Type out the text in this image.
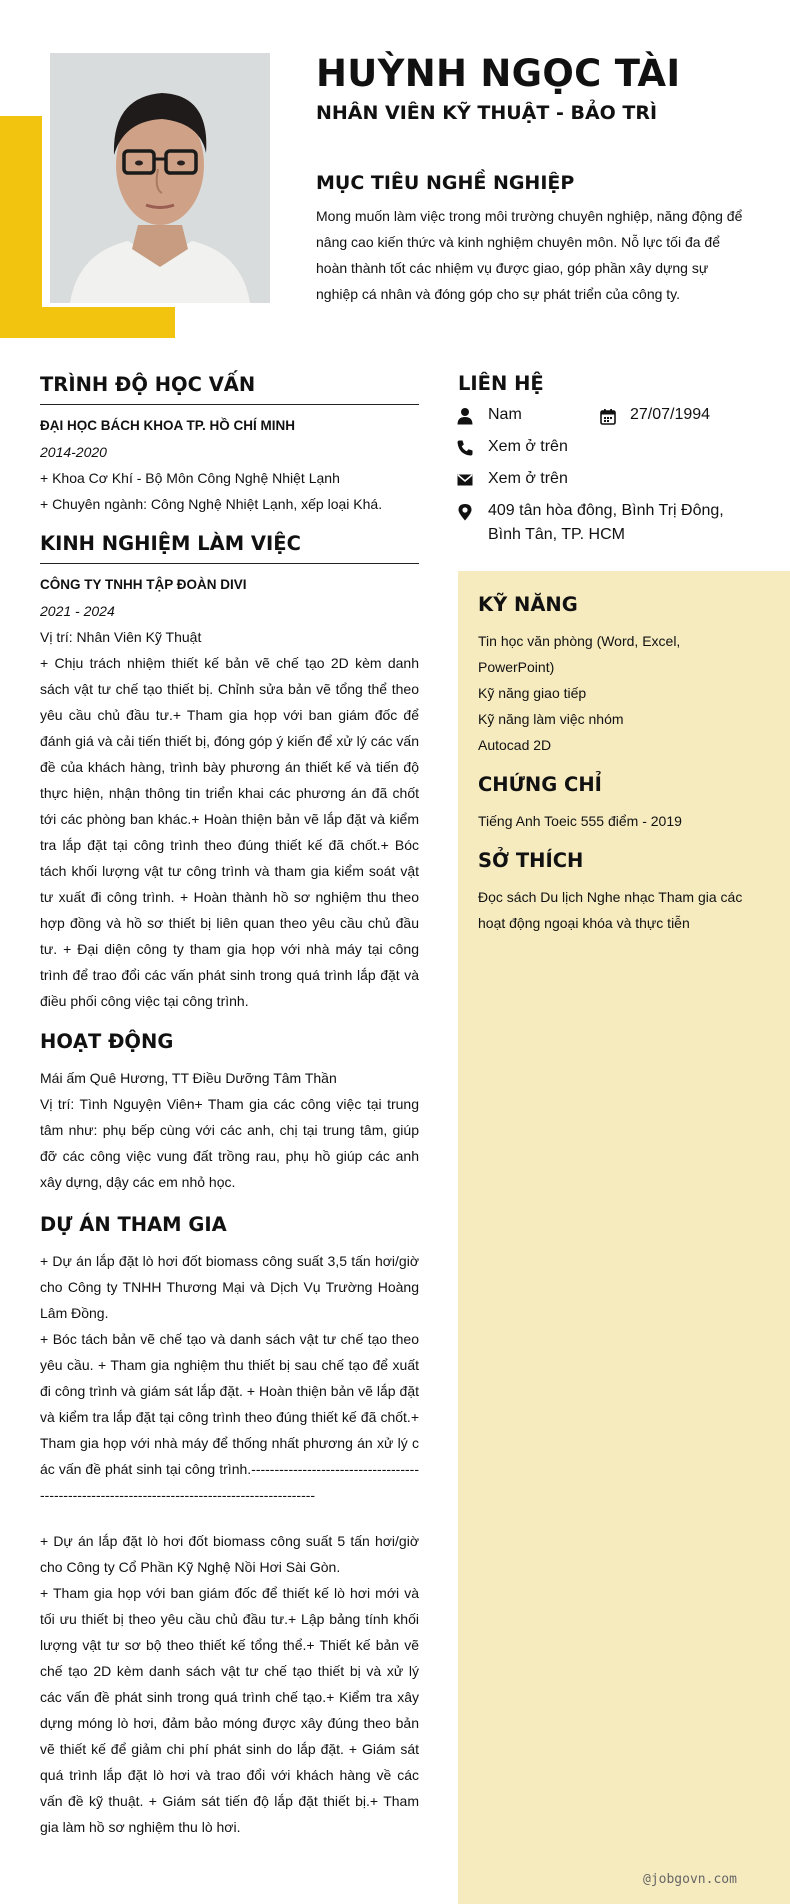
HUỲNH NGỌC TÀI
NHÂN VIÊN KỸ THUẬT - BẢO TRÌ
MỤC TIÊU NGHỀ NGHIỆP
Mong muốn làm việc trong môi trường chuyên nghiệp, năng động để nâng cao kiến thức và kinh nghiệm chuyên môn. Nỗ lực tối đa để hoàn thành tốt các nhiệm vụ được giao, góp phần xây dựng sự nghiệp cá nhân và đóng góp cho sự phát triển của công ty.
TRÌNH ĐỘ HỌC VẤN
ĐẠI HỌC BÁCH KHOA TP. HỒ CHÍ MINH
2014-2020
+ Khoa Cơ Khí - Bộ Môn Công Nghệ Nhiệt Lạnh
+ Chuyên ngành: Công Nghệ Nhiệt Lạnh, xếp loại Khá.
KINH NGHIỆM LÀM VIỆC
CÔNG TY TNHH TẬP ĐOÀN DIVI
2021 - 2024
Vị trí: Nhân Viên Kỹ Thuật
+ Chịu trách nhiệm thiết kế bản vẽ chế tạo 2D kèm danh sách vật tư chế tạo thiết bị. Chỉnh sửa bản vẽ tổng thể theo yêu cầu chủ đầu tư.+ Tham gia họp với ban giám đốc để đánh giá và cải tiến thiết bị, đóng góp ý kiến để xử lý các vấn đề của khách hàng, trình bày phương án thiết kế và tiến độ thực hiện, nhận thông tin triển khai các phương án đã chốt tới các phòng ban khác.+ Hoàn thiện bản vẽ lắp đặt và kiểm tra lắp đặt tại công trình theo đúng thiết kế đã chốt.+ Bóc tách khối lượng vật tư công trình và tham gia kiểm soát vật tư xuất đi công trình. + Hoàn thành hồ sơ nghiệm thu theo hợp đồng và hồ sơ thiết bị liên quan theo yêu cầu chủ đầu tư. + Đại diện công ty tham gia họp với nhà máy tại công trình để trao đổi các vấn phát sinh trong quá trình lắp đặt và điều phối công việc tại công trình.
HOẠT ĐỘNG
Mái ấm Quê Hương, TT Điều Dưỡng Tâm Thần
Vị trí: Tình Nguyện Viên+ Tham gia các công việc tại trung tâm như: phụ bếp cùng với các anh, chị tại trung tâm, giúp đỡ các công việc vung đất trồng rau, phụ hồ giúp các anh xây dựng, dậy các em nhỏ học.
DỰ ÁN THAM GIA
+ Dự án lắp đặt lò hơi đốt biomass công suất 3,5 tấn hơi/giờ cho Công ty TNHH Thương Mại và Dịch Vụ Trường Hoàng Lâm Đồng.
+ Bóc tách bản vẽ chế tạo và danh sách vật tư chế tạo theo yêu cầu. + Tham gia nghiệm thu thiết bị sau chế tạo để xuất đi công trình và giám sát lắp đặt. + Hoàn thiện bản vẽ lắp đặt và kiểm tra lắp đặt tại công trình theo đúng thiết kế đã chốt.+ Tham gia họp với nhà máy để thống nhất phương án xử lý các vấn đề phát sinh tại công trình.-----------------------------------------------------------------------------------------------
+ Dự án lắp đặt lò hơi đốt biomass công suất 5 tấn hơi/giờ cho Công ty Cổ Phần Kỹ Nghệ Nồi Hơi Sài Gòn.
+ Tham gia họp với ban giám đốc để thiết kế lò hơi mới và tối ưu thiết bị theo yêu cầu chủ đầu tư.+ Lập bảng tính khối lượng vật tư sơ bộ theo thiết kế tổng thể.+ Thiết kế bản vẽ chế tạo 2D kèm danh sách vật tư chế tạo thiết bị và xử lý các vấn đề phát sinh trong quá trình chế tạo.+ Kiểm tra xây dựng móng lò hơi, đảm bảo móng được xây đúng theo bản vẽ thiết kế để giảm chi phí phát sinh do lắp đặt. + Giám sát quá trình lắp đặt lò hơi và trao đổi với khách hàng về các vấn đề kỹ thuật. + Giám sát tiến độ lắp đặt thiết bị.+ Tham gia làm hồ sơ nghiệm thu lò hơi.
LIÊN HỆ
Nam	27/07/1994
Xem ở trên
Xem ở trên
409 tân hòa đông, Bình Trị Đông, Bình Tân, TP. HCM
KỸ NĂNG
Tin học văn phòng (Word, Excel, PowerPoint)
Kỹ năng giao tiếp
Kỹ năng làm việc nhóm
Autocad 2D
CHỨNG CHỈ
Tiếng Anh Toeic 555 điểm - 2019
SỞ THÍCH
Đọc sách Du lịch Nghe nhạc Tham gia các hoạt động ngoại khóa và thực tiễn
@jobgovn.com
